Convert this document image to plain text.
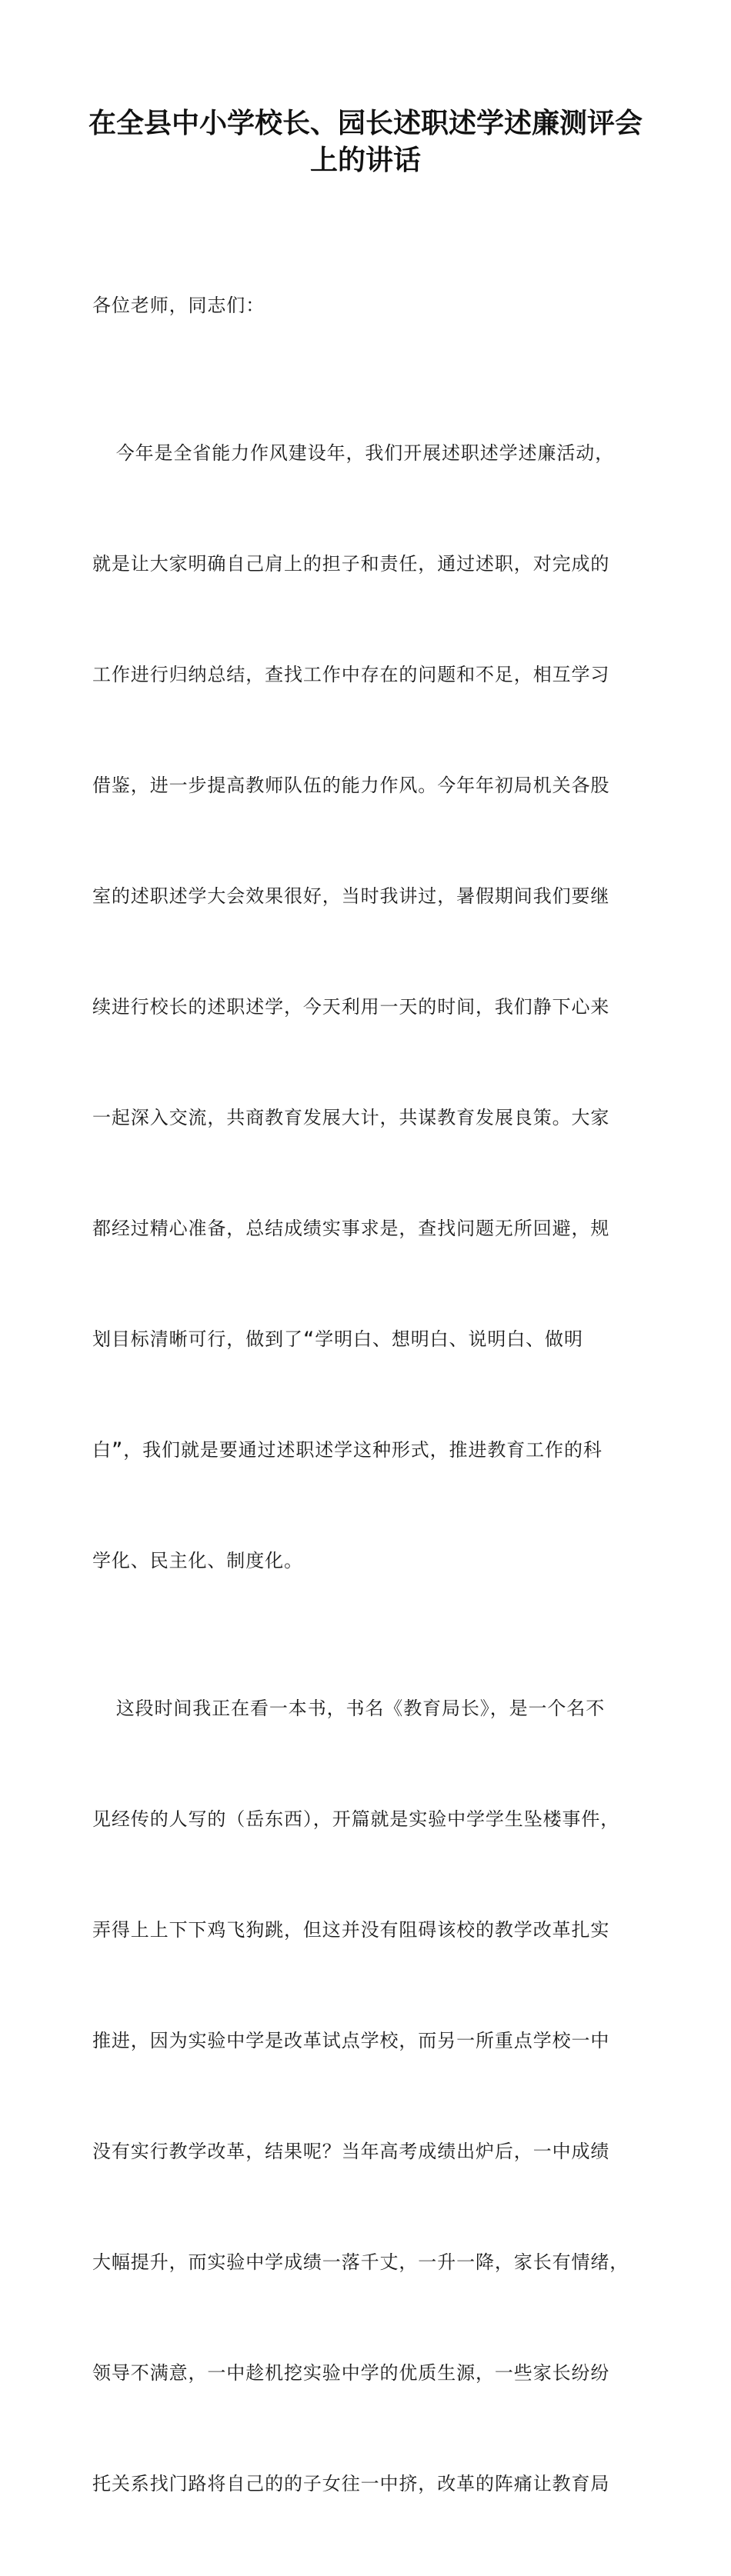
在全县中小学校长、园长述职述学述廉测评会
上的讲话

各位老师，同志们：

今年是全省能力作风建设年，我们开展述职述学述廉活动，

就是让大家明确自己肩上的担子和责任，通过述职，对完成的

工作进行归纳总结，查找工作中存在的问题和不足，相互学习

借鉴，进一步提高教师队伍的能力作风。今年年初局机关各股

室的述职述学大会效果很好，当时我讲过，暑假期间我们要继

续进行校长的述职述学，今天利用一天的时间，我们静下心来

一起深入交流，共商教育发展大计，共谋教育发展良策。大家

都经过精心准备，总结成绩实事求是，查找问题无所回避，规

划目标清晰可行，做到了“学明白、想明白、说明白、做明

白”，我们就是要通过述职述学这种形式，推进教育工作的科

学化、民主化、制度化。

这段时间我正在看一本书，书名《教育局长》，是一个名不

见经传的人写的（岳东西），开篇就是实验中学学生坠楼事件，

弄得上上下下鸡飞狗跳，但这并没有阻碍该校的教学改革扎实

推进，因为实验中学是改革试点学校，而另一所重点学校一中

没有实行教学改革，结果呢？当年高考成绩出炉后，一中成绩

大幅提升，而实验中学成绩一落千丈，一升一降，家长有情绪，

领导不满意，一中趁机挖实验中学的优质生源，一些家长纷纷

托关系找门路将自己的的子女往一中挤，改革的阵痛让教育局
